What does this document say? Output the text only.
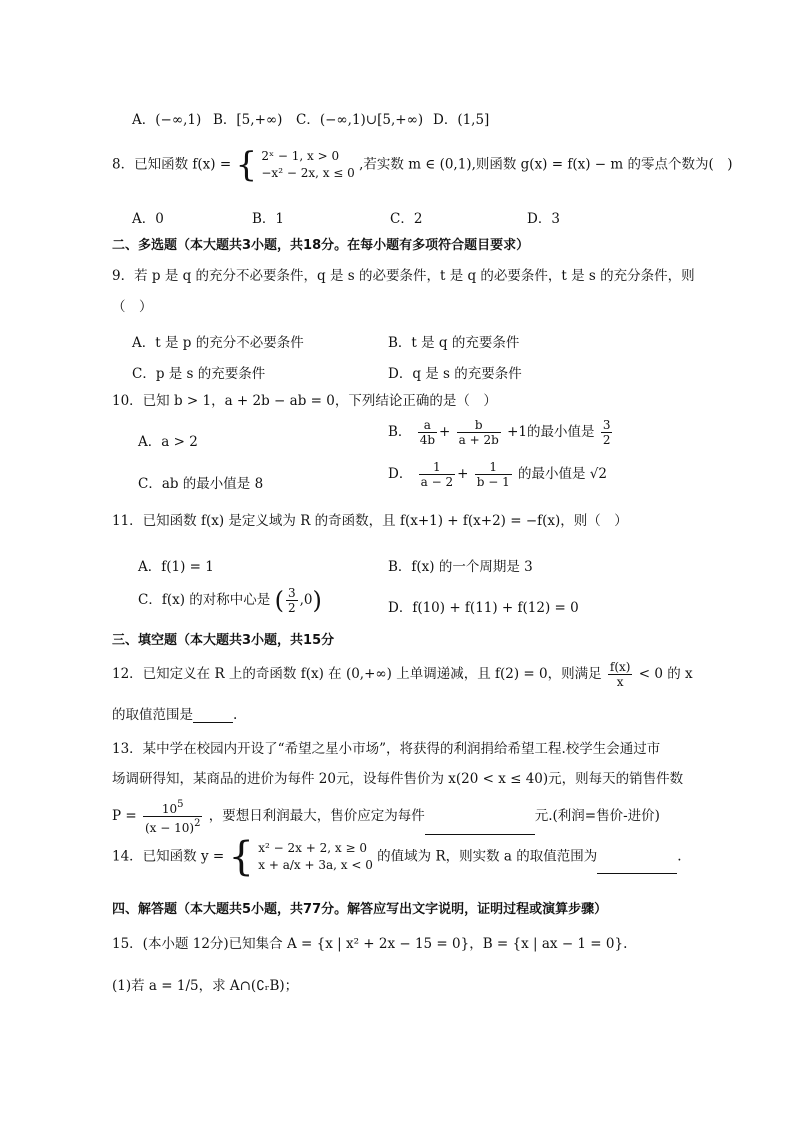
A．(−∞,1) B．[5,+∞) C．(−∞,1)∪[5,+∞) D．(1,5]
8．已知函数 f(x) = { 2ˣ − 1, x > 0
−x² − 2x, x ≤ 0
,若实数 m ∈ (0,1),则函数 g(x) = f(x) − m 的零点个数为(　)
A．0	B．1	C．2	D．3
二、多选题（本大题共3小题，共18分。在每小题有多项符合题目要求）
9．若 p 是 q 的充分不必要条件，q 是 s 的必要条件，t 是 q 的必要条件，t 是 s 的充分条件，则
（　）
A．t 是 p 的充分不必要条件	B．t 是 q 的充要条件
C．p 是 s 的充要条件	D．q 是 s 的充要条件
10．已知 b > 1，a + 2b − ab = 0，下列结论正确的是（　）
A．a > 2
B． $\frac{a}{4b} + \frac{b}{a + 2b} +1$的最小值是 $\frac{3}{2}$
C．ab 的最小值是 8
D． $\frac{1}{a - 2} + \frac{1}{b - 1}$ 的最小值是 √2
11．已知函数 f(x) 是定义域为 R 的奇函数，且 f(x+1) + f(x+2) = −f(x)，则（　）
A．f(1) = 1	B．f(x) 的一个周期是 3
C．f(x) 的对称中心是 ( $\frac{3}{2} ,0$)	D．f(10) + f(11) + f(12) = 0
三、填空题（本大题共3小题，共15分
12．已知定义在 R 上的奇函数 f(x) 在 (0,+∞) 上单调递减，且 f(2) = 0，则满足 $\frac{f(x)}{x} < 0$ 的 x
的取值范围是	.
13．某中学在校园内开设了“希望之星小市场”，将获得的利润捐给希望工程.校学生会通过市
场调研得知，某商品的进价为每件 20元，设每件售价为 x(20 < x ≤ 40)元，则每天的销售件数
$P = \frac{10^5}{(x - 10)^2}$ ，要想日利润最大，售价应定为每件	元.(利润=售价-进价)
14．已知函数 y = { x² − 2x + 2, x ≥ 0
x + a/x + 3a, x < 0
的值域为 R，则实数 a 的取值范围为	.
四、解答题（本大题共5小题，共77分。解答应写出文字说明，证明过程或演算步骤）
15．(本小题 12分)已知集合 A = {x | x² + 2x − 15 = 0}，B = {x | ax − 1 = 0}.
(1)若 a = 1/5，求 A∩(∁ᵣB)；
